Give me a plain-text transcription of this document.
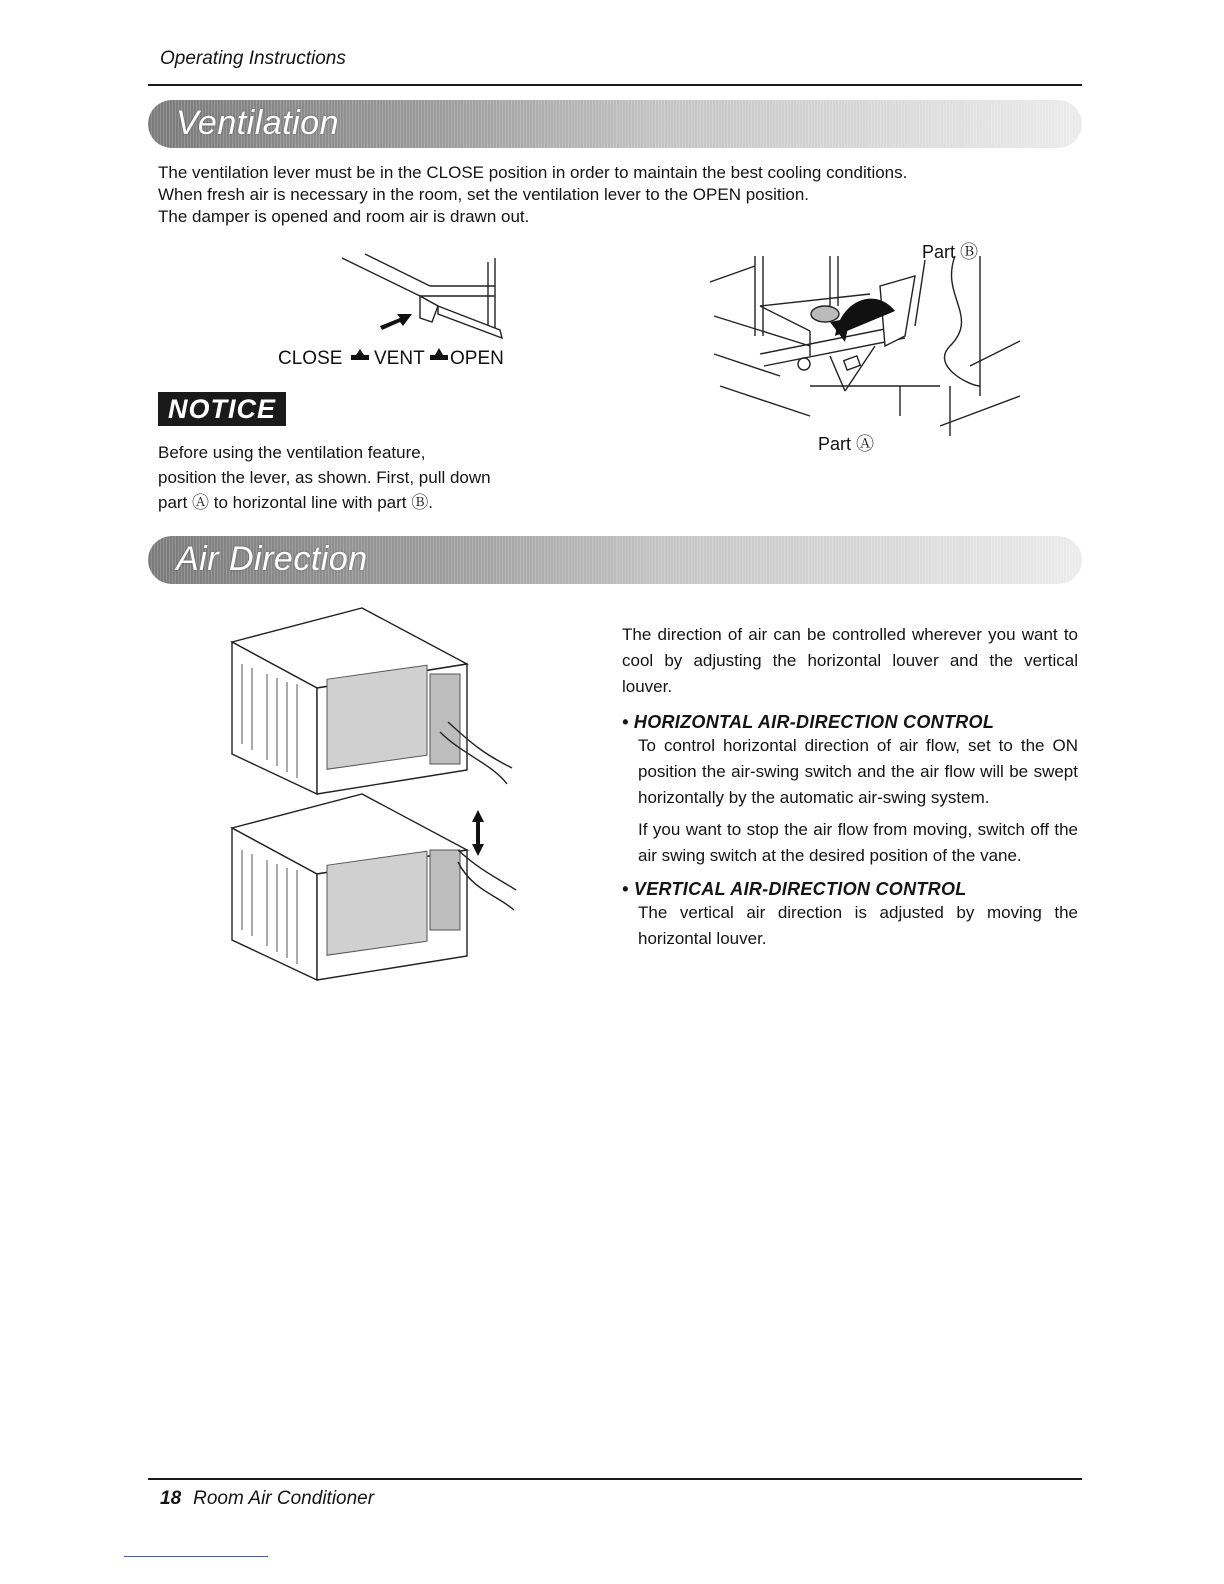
Operating Instructions
Ventilation
The ventilation lever must be in the CLOSE position in order to maintain the best cooling conditions.
When fresh air is necessary in the room, set the ventilation lever to the OPEN position.
The damper is opened and room air is drawn out.
CLOSE VENT OPEN
NOTICE
Before using the ventilation feature,
position the lever, as shown. First, pull down
part Ⓐ to horizontal line with part Ⓑ.
Part Ⓑ
Part Ⓐ
Air Direction
The direction of air can be controlled wherever you want to cool by adjusting the horizontal louver and the vertical louver.
• HORIZONTAL AIR-DIRECTION CONTROL
To control horizontal direction of air flow, set to the ON position the air-swing switch and the air flow will be swept horizontally by the automatic air-swing system.
If you want to stop the air flow from moving, switch off the air swing switch at the desired position of the vane.
• VERTICAL AIR-DIRECTION CONTROL
The vertical air direction is adjusted by moving the horizontal louver.
18 Room Air Conditioner
